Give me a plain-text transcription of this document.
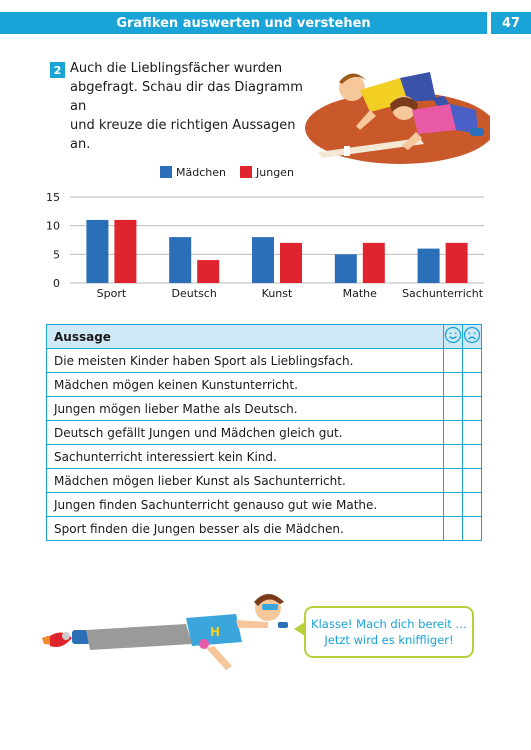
Grafiken auswerten und verstehen	47
2 Auch die Lieblingsfächer wurden
abgefragt. Schau dir das Diagramm an
und kreuze die richtigen Aussagen an.
Mädchen	Jungen
0
5
10
15
Sport	Deutsch	Kunst	Mathe Sachunterricht
Aussage		
Die meisten Kinder haben Sport als Lieblingsfach.		
Mädchen mögen keinen Kunstunterricht.		
Jungen mögen lieber Mathe als Deutsch.		
Deutsch gefällt Jungen und Mädchen gleich gut.		
Sachunterricht interessiert kein Kind.		
Mädchen mögen lieber Kunst als Sachunterricht.		
Jungen finden Sachunterricht genauso gut wie Mathe.		
Sport finden die Jungen besser als die Mädchen.		
H
Klasse! Mach dich bereit …
Jetzt wird es kniffliger!
